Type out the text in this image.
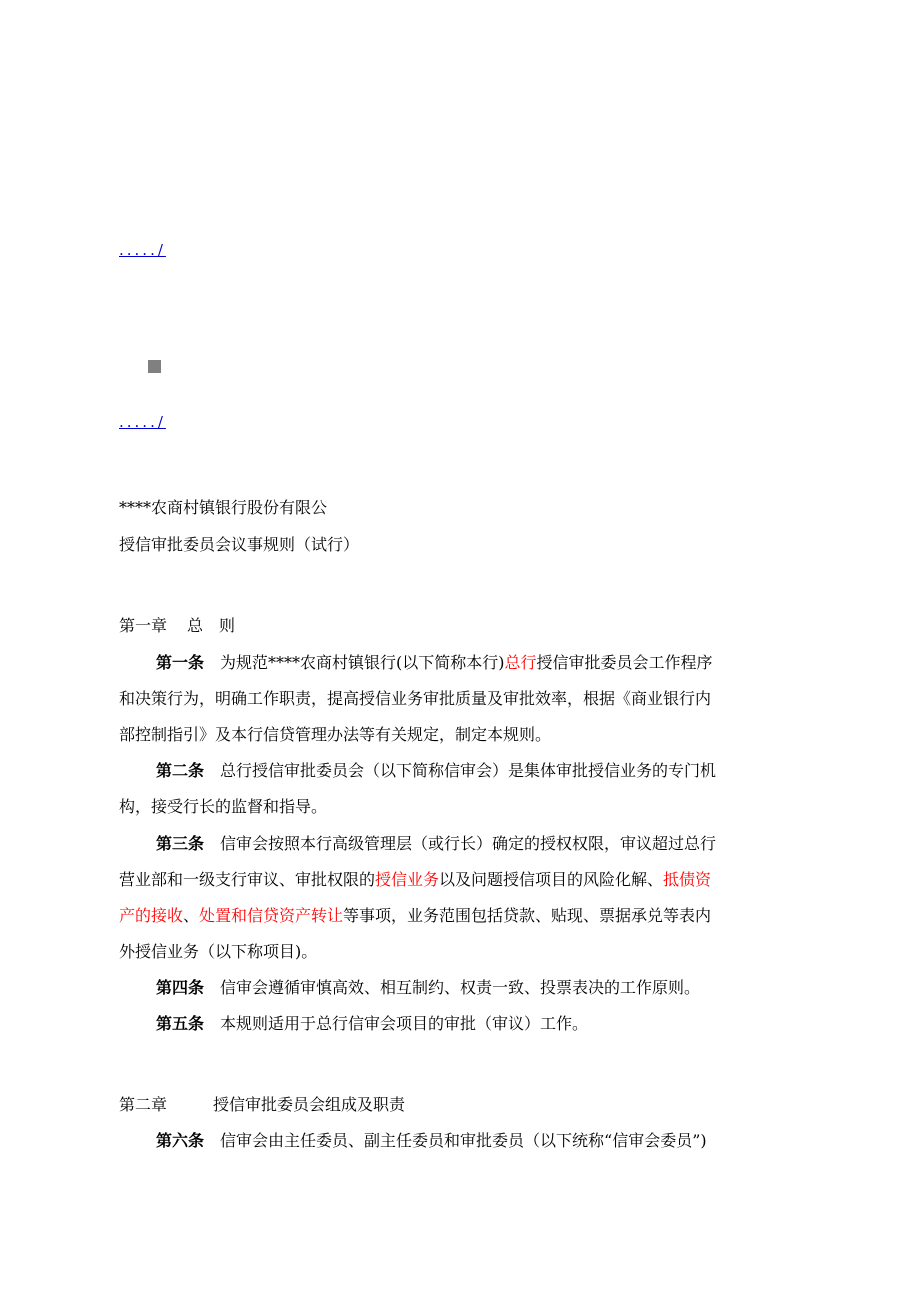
...../
...../
****农商村镇银行股份有限公
授信审批委员会议事规则（试行）
第一章 总　则
第一条 为规范****农商村镇银行(以下简称本行)总行授信审批委员会工作程序
和决策行为，明确工作职责，提高授信业务审批质量及审批效率，根据《商业银行内
部控制指引》及本行信贷管理办法等有关规定，制定本规则。
第二条 总行授信审批委员会（以下简称信审会）是集体审批授信业务的专门机
构，接受行长的监督和指导。
第三条 信审会按照本行高级管理层（或行长）确定的授权权限，审议超过总行
营业部和一级支行审议、审批权限的授信业务以及问题授信项目的风险化解、抵债资
产的接收、处置和信贷资产转让等事项，业务范围包括贷款、贴现、票据承兑等表内
外授信业务（以下称项目)。
第四条 信审会遵循审慎高效、相互制约、权责一致、投票表决的工作原则。
第五条 本规则适用于总行信审会项目的审批（审议）工作。
第二章	授信审批委员会组成及职责
第六条 信审会由主任委员、副主任委员和审批委员（以下统称“信审会委员”)
